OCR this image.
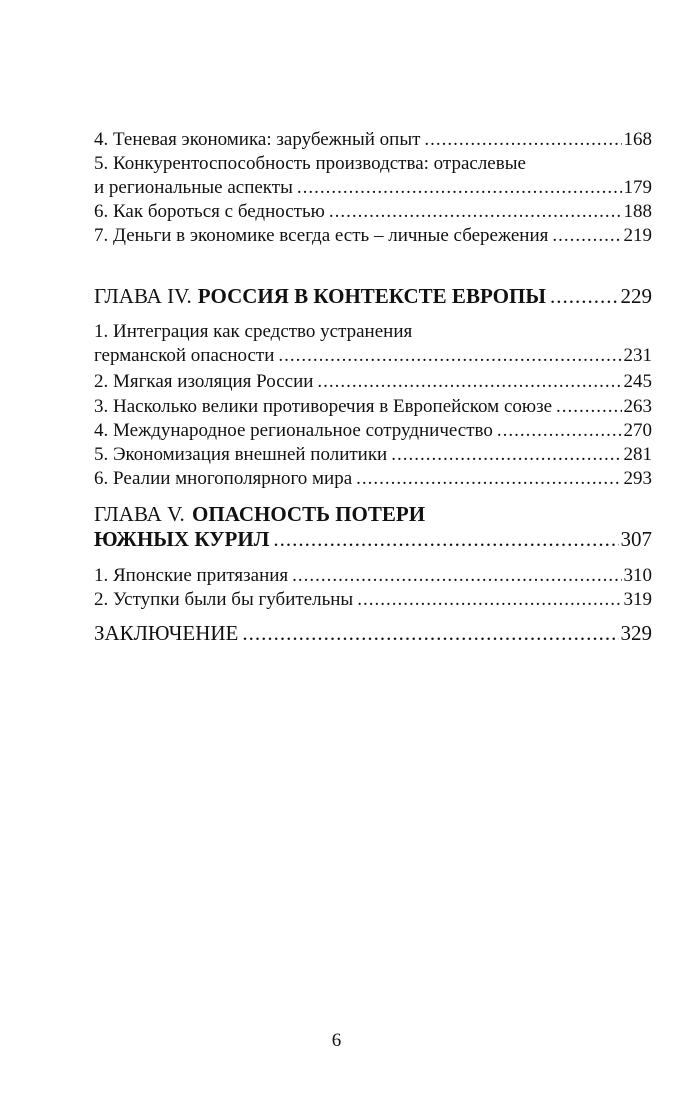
4. Теневая экономика: зарубежный опыт .....	168
5. Конкурентоспособность производства: отраслевые
и региональные аспекты .....	179
6. Как бороться с бедностью .....	188
7. Деньги в экономике всегда есть – личные сбережения .....	219
ГЛАВА IV. РОССИЯ В КОНТЕКСТЕ ЕВРОПЫ .....	229
1. Интеграция как средство устранения
германской опасности .....	231
2. Мягкая изоляция России .....	245
3. Насколько велики противоречия в Европейском союзе .....	263
4. Международное региональное сотрудничество .....	270
5. Экономизация внешней политики .....	281
6. Реалии многополярного мира .....	293
ГЛАВА V. ОПАСНОСТЬ ПОТЕРИ
ЮЖНЫХ КУРИЛ .....	307
1. Японские притязания .....	310
2. Уступки были бы губительны .....	319
ЗАКЛЮЧЕНИЕ .....	329
6
